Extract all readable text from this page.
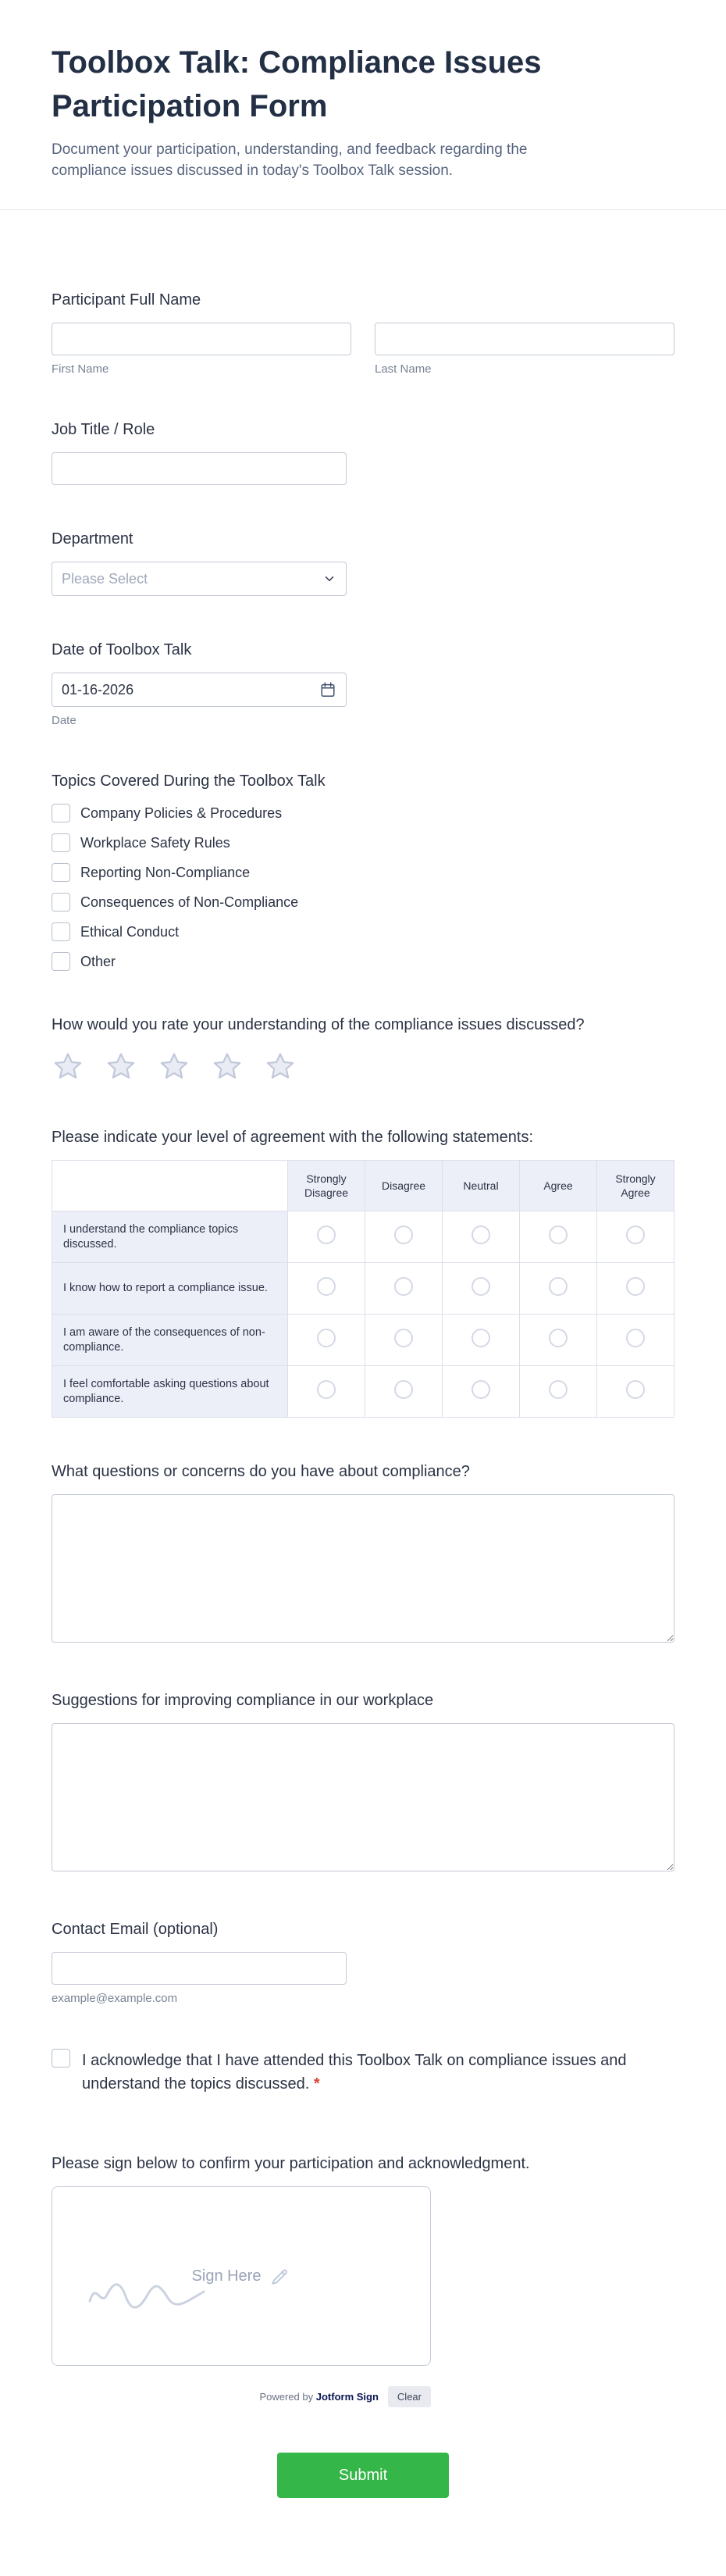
Toolbox Talk: Compliance Issues Participation Form

Document your participation, understanding, and feedback regarding the compliance issues discussed in today's Toolbox Talk session.

Participant Full Name
First Name	Last Name
Job Title / Role
Department
Please Select
Date of Toolbox Talk
01-16-2026
Date
Topics Covered During the Toolbox Talk
Company Policies & Procedures
Workplace Safety Rules
Reporting Non-Compliance
Consequences of Non-Compliance
Ethical Conduct
Other
How would you rate your understanding of the compliance issues discussed?
Please indicate your level of agreement with the following statements:
	Strongly Disagree	Disagree	Neutral	Agree	Strongly Agree
I understand the compliance topics discussed.					
I know how to report a compliance issue.					
I am aware of the consequences of non-compliance.					
I feel comfortable asking questions about compliance.					
What questions or concerns do you have about compliance?
Suggestions for improving compliance in our workplace
Contact Email (optional)
example@example.com
I acknowledge that I have attended this Toolbox Talk on compliance issues and understand the topics discussed. *
Please sign below to confirm your participation and acknowledgment.
Sign Here
Powered by Jotform Sign	Clear
Submit
